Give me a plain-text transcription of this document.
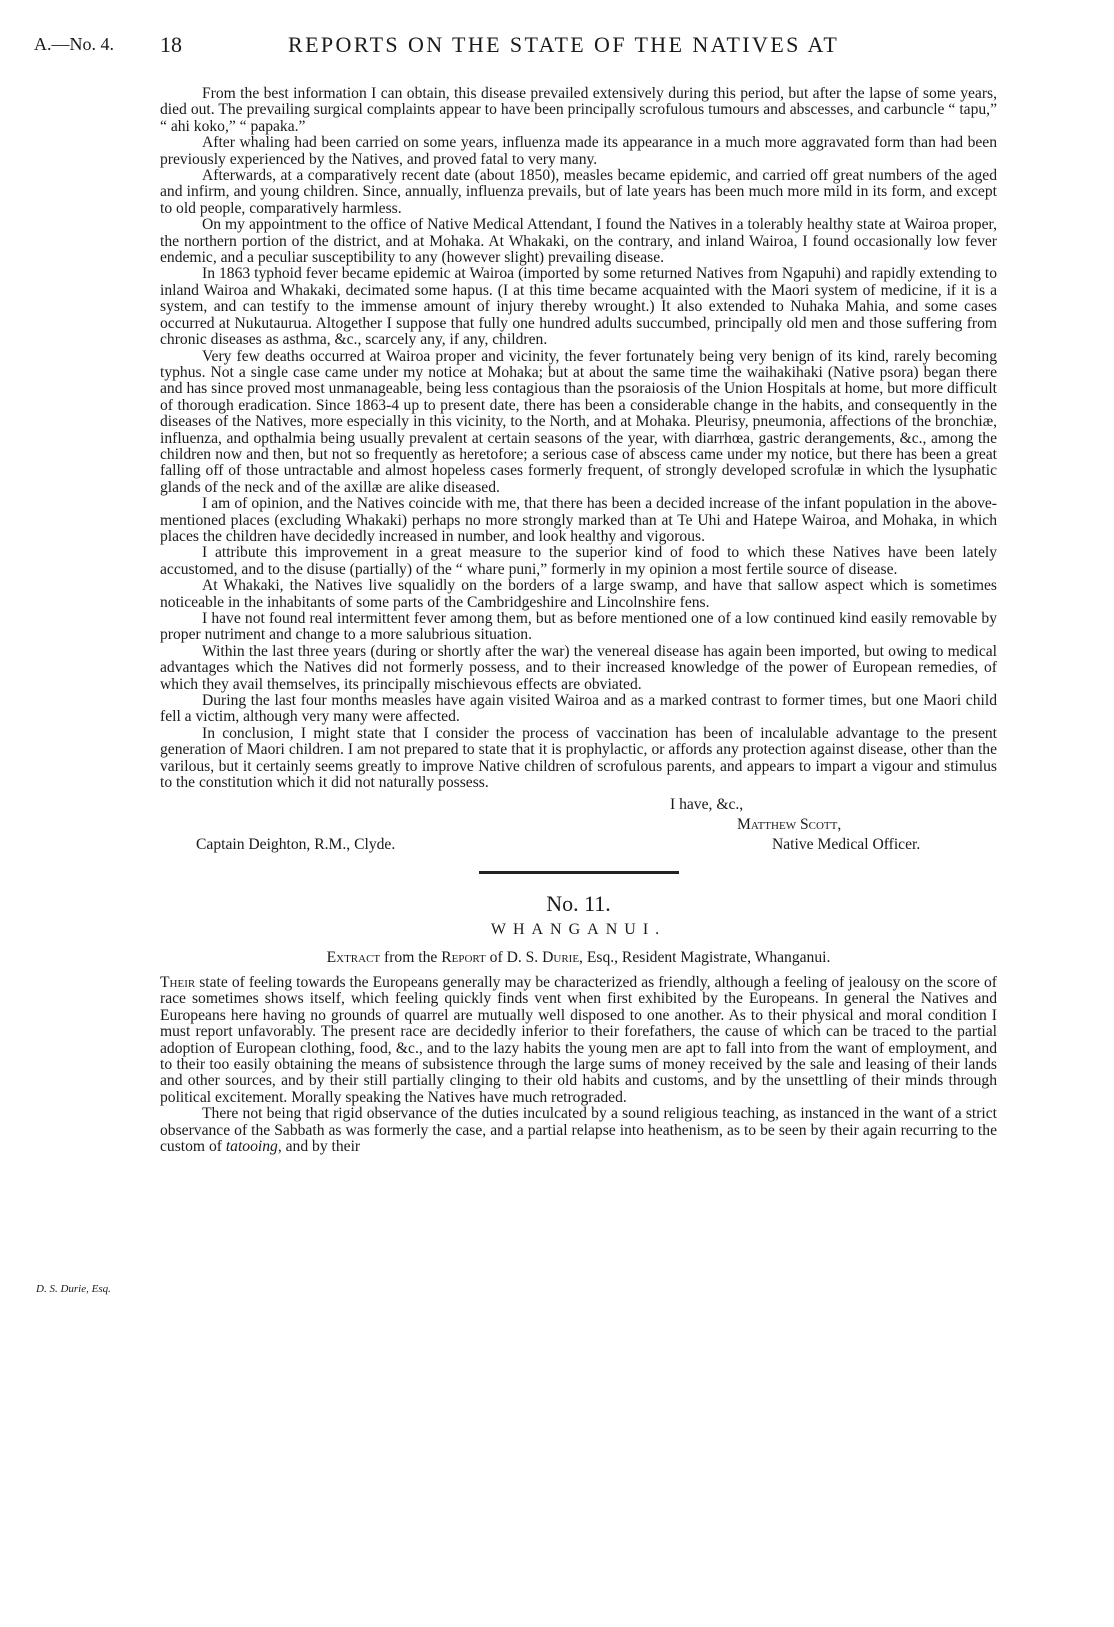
A.—No. 4. 18	REPORTS ON THE STATE OF THE NATIVES AT
D. S. Durie, Esq.

From the best information I can obtain, this disease prevailed extensively during this period, but after the lapse of some years, died out. The prevailing surgical complaints appear to have been principally scrofulous tumours and abscesses, and carbuncle “ tapu,” “ ahi koko,” “ papaka.”

After whaling had been carried on some years, influenza made its appearance in a much more aggravated form than had been previously experienced by the Natives, and proved fatal to very many.

Afterwards, at a comparatively recent date (about 1850), measles became epidemic, and carried off great numbers of the aged and infirm, and young children. Since, annually, influenza prevails, but of late years has been much more mild in its form, and except to old people, comparatively harmless.

On my appointment to the office of Native Medical Attendant, I found the Natives in a tolerably healthy state at Wairoa proper, the northern portion of the district, and at Mohaka. At Whakaki, on the contrary, and inland Wairoa, I found occasionally low fever endemic, and a peculiar susceptibility to any (however slight) prevailing disease.

In 1863 typhoid fever became epidemic at Wairoa (imported by some returned Natives from Ngapuhi) and rapidly extending to inland Wairoa and Whakaki, decimated some hapus. (I at this time became acquainted with the Maori system of medicine, if it is a system, and can testify to the immense amount of injury thereby wrought.) It also extended to Nuhaka Mahia, and some cases occurred at Nukutaurua. Altogether I suppose that fully one hundred adults succumbed, principally old men and those suffering from chronic diseases as asthma, &c., scarcely any, if any, children.

Very few deaths occurred at Wairoa proper and vicinity, the fever fortunately being very benign of its kind, rarely becoming typhus. Not a single case came under my notice at Mohaka; but at about the same time the waihakihaki (Native psora) began there and has since proved most unmanageable, being less contagious than the psoraiosis of the Union Hospitals at home, but more difficult of thorough eradication. Since 1863-4 up to present date, there has been a considerable change in the habits, and consequently in the diseases of the Natives, more especially in this vicinity, to the North, and at Mohaka. Pleurisy, pneumonia, affections of the bronchiæ, influenza, and opthalmia being usually prevalent at certain seasons of the year, with diarrhœa, gastric derangements, &c., among the children now and then, but not so frequently as heretofore; a serious case of abscess came under my notice, but there has been a great falling off of those untractable and almost hopeless cases formerly frequent, of strongly developed scrofulæ in which the lysuphatic glands of the neck and of the axillæ are alike diseased.

I am of opinion, and the Natives coincide with me, that there has been a decided increase of the infant population in the above-mentioned places (excluding Whakaki) perhaps no more strongly marked than at Te Uhi and Hatepe Wairoa, and Mohaka, in which places the children have decidedly increased in number, and look healthy and vigorous.

I attribute this improvement in a great measure to the superior kind of food to which these Natives have been lately accustomed, and to the disuse (partially) of the “ whare puni,” formerly in my opinion a most fertile source of disease.

At Whakaki, the Natives live squalidly on the borders of a large swamp, and have that sallow aspect which is sometimes noticeable in the inhabitants of some parts of the Cambridgeshire and Lincolnshire fens.

I have not found real intermittent fever among them, but as before mentioned one of a low continued kind easily removable by proper nutriment and change to a more salubrious situation.

Within the last three years (during or shortly after the war) the venereal disease has again been imported, but owing to medical advantages which the Natives did not formerly possess, and to their increased knowledge of the power of European remedies, of which they avail themselves, its principally mischievous effects are obviated.

During the last four months measles have again visited Wairoa and as a marked contrast to former times, but one Maori child fell a victim, although very many were affected.

In conclusion, I might state that I consider the process of vaccination has been of incalulable advantage to the present generation of Maori children. I am not prepared to state that it is prophylactic, or affords any protection against disease, other than the varilous, but it certainly seems greatly to improve Native children of scrofulous parents, and appears to impart a vigour and stimulus to the constitution which it did not naturally possess.

I have, &c.,
Matthew Scott,
Native Medical Officer.
Captain Deighton, R.M., Clyde.
No. 11.
WHANGANUI.
Extract from the Report of D. S. Durie, Esq., Resident Magistrate, Whanganui.

Their state of feeling towards the Europeans generally may be characterized as friendly, although a feeling of jealousy on the score of race sometimes shows itself, which feeling quickly finds vent when first exhibited by the Europeans. In general the Natives and Europeans here having no grounds of quarrel are mutually well disposed to one another. As to their physical and moral condition I must report unfavorably. The present race are decidedly inferior to their forefathers, the cause of which can be traced to the partial adoption of European clothing, food, &c., and to the lazy habits the young men are apt to fall into from the want of employment, and to their too easily obtaining the means of subsistence through the large sums of money received by the sale and leasing of their lands and other sources, and by their still partially clinging to their old habits and customs, and by the unsettling of their minds through political excitement. Morally speaking the Natives have much retrograded.

There not being that rigid observance of the duties inculcated by a sound religious teaching, as instanced in the want of a strict observance of the Sabbath as was formerly the case, and a partial relapse into heathenism, as to be seen by their again recurring to the custom of tatooing, and by their
